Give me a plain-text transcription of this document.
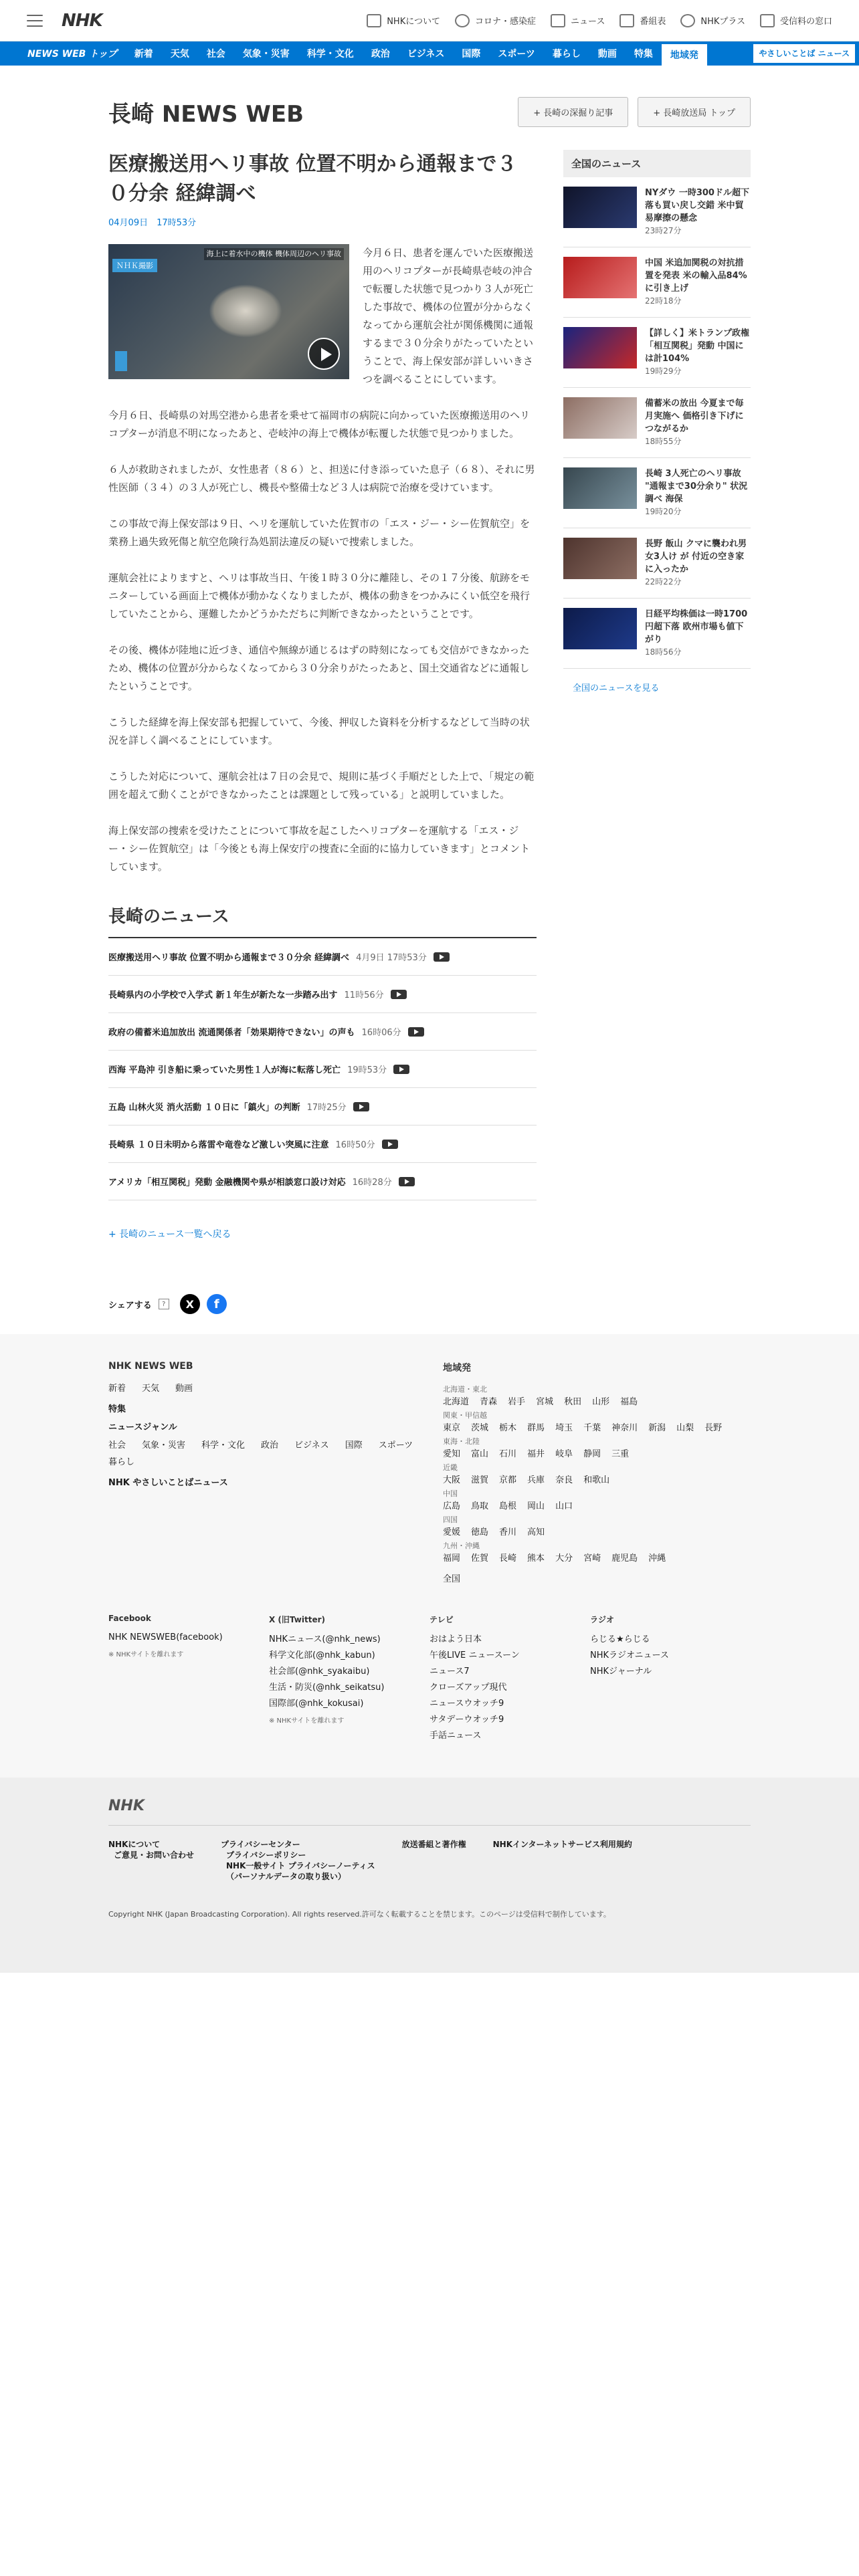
NHK	NHKについて	コロナ・感染症	ニュース	番組表	NHKプラス	受信料の窓口
NEWS WEB トップ	新着	天気	社会	気象・災害	科学・文化	政治	ビジネス	国際	スポーツ	暮らし	動画	特集	地域発	やさしいことば ニュース
長崎 NEWS WEB	+ 長崎の深掘り記事	+ 長崎放送局 トップ
医療搬送用ヘリ事故 位置不明から通報まで３０分余 経緯調べ
04月09日　17時53分
ＮＨＫ撮影
海上に着水中の機体 機体周辺のヘリ事故	今月６日、患者を運んでいた医療搬送用のヘリコプターが長崎県壱岐の沖合で転覆した状態で見つかり３人が死亡した事故で、機体の位置が分からなくなってから運航会社が関係機関に通報するまで３０分余りがたっていたということで、海上保安部が詳しいいきさつを調べることにしています。

今月６日、長崎県の対馬空港から患者を乗せて福岡市の病院に向かっていた医療搬送用のヘリコプターが消息不明になったあと、壱岐沖の海上で機体が転覆した状態で見つかりました。

６人が救助されましたが、女性患者（８６）と、担送に付き添っていた息子（６８）、それに男性医師（３４）の３人が死亡し、機長や整備士など３人は病院で治療を受けています。

この事故で海上保安部は９日、ヘリを運航していた佐賀市の「エス・ジー・シー佐賀航空」を業務上過失致死傷と航空危険行為処罰法違反の疑いで捜索しました。

運航会社によりますと、ヘリは事故当日、午後１時３０分に離陸し、その１７分後、航跡をモニターしている画面上で機体が動かなくなりましたが、機体の動きをつかみにくい低空を飛行していたことから、運難したかどうかただちに判断できなかったということです。

その後、機体が陸地に近づき、通信や無線が通じるはずの時刻になっても交信ができなかったため、機体の位置が分からなくなってから３０分余りがたったあと、国土交通省などに通報したということです。

こうした経緯を海上保安部も把握していて、今後、押収した資料を分析するなどして当時の状況を詳しく調べることにしています。

こうした対応について、運航会社は７日の会見で、規則に基づく手順だとした上で、「規定の範囲を超えて動くことができなかったことは課題として残っている」と説明していました。

海上保安部の捜索を受けたことについて事故を起こしたヘリコプターを運航する「エス・ジー・シー佐賀航空」は「今後とも海上保安庁の捜査に全面的に協力していきます」とコメントしています。

長崎のニュース
医療搬送用ヘリ事故 位置不明から通報まで３０分余 経緯調べ 4月9日 17時53分
長崎県内の小学校で入学式 新１年生が新たな一歩踏み出す 11時56分
政府の備蓄米追加放出 流通関係者「効果期待できない」の声も 16時06分
西海 平島沖 引き船に乗っていた男性１人が海に転落し死亡 19時53分
五島 山林火災 消火活動 １０日に「鎮火」の判断 17時25分
長崎県 １０日未明から落雷や竜巻など激しい突風に注意 16時50分
アメリカ「相互関税」発動 金融機関や県が相談窓口設け対応 16時28分
+ 長崎のニュース一覧へ戻る
シェアする	?	X	f
全国のニュース
NYダウ 一時300ドル超下落も買い戻し交錯 米中貿易摩擦の懸念
23時27分
中国 米追加関税の対抗措置を発表 米の輸入品84%に引き上げ
22時18分
【詳しく】米トランプ政権「相互関税」発動 中国には計104%
19時29分
備蓄米の放出 今夏まで毎月実施へ 価格引き下げにつながるか
18時55分
長崎 3人死亡のヘリ事故 "通報まで30分余り" 状況調べ 海保
19時20分
長野 飯山 クマに襲われ男女3人け が 付近の空き家に入ったか
22時22分
日経平均株価は一時1700円超下落 欧州市場も値下がり
18時56分
全国のニュースを見る
NHK NEWS WEB
新着 天気 動画
特集
ニュースジャンル
社会 気象・災害 科学・文化 政治 ビジネス 国際 スポーツ
暮らし
NHK やさしいことばニュース
地域発
北海道・東北
北海道 青森 岩手 宮城 秋田 山形 福島
関東・甲信越
東京 茨城 栃木 群馬 埼玉 千葉 神奈川 新潟 山梨 長野
東海・北陸
愛知 富山 石川 福井 岐阜 静岡 三重
近畿
大阪 滋賀 京都 兵庫 奈良 和歌山
中国
広島 鳥取 島根 岡山 山口
四国
愛媛 徳島 香川 高知
九州・沖縄
福岡 佐賀 長崎 熊本 大分 宮崎 鹿児島 沖縄
全国
Facebook
NHK NEWSWEB(facebook)
※ NHKサイトを離れます
X (旧Twitter)
NHKニュース(@nhk_news)
科学文化部(@nhk_kabun)
社会部(@nhk_syakaibu)
生活・防災(@nhk_seikatsu)
国際部(@nhk_kokusai)
※ NHKサイトを離れます
テレビ
おはよう日本
午後LIVE ニュースーン
ニュース7
クローズアップ現代
ニュースウオッチ9
サタデーウオッチ9
手話ニュース
ラジオ
らじる★らじる
NHKラジオニュース
NHKジャーナル
NHK
NHKについて
ご意見・お問い合わせ
プライバシーセンター
プライバシーポリシー
NHK一般サイト プライバシーノーティス
（パーソナルデータの取り扱い）
放送番組と著作権	NHKインターネットサービス利用規約
Copyright NHK (Japan Broadcasting Corporation). All rights reserved.許可なく転載することを禁じます。このページは受信料で制作しています。
